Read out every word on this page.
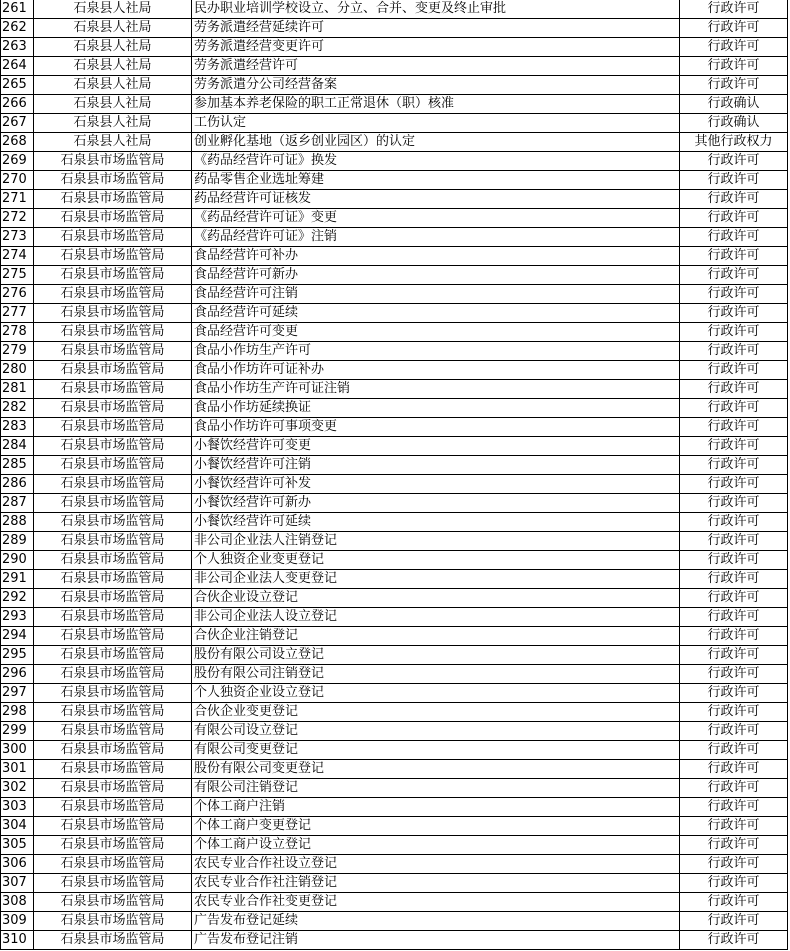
261	石泉县人社局	民办职业培训学校设立、分立、合并、变更及终止审批	行政许可
262	石泉县人社局	劳务派遣经营延续许可	行政许可
263	石泉县人社局	劳务派遣经营变更许可	行政许可
264	石泉县人社局	劳务派遣经营许可	行政许可
265	石泉县人社局	劳务派遣分公司经营备案	行政许可
266	石泉县人社局	参加基本养老保险的职工正常退休（职）核准	行政确认
267	石泉县人社局	工伤认定	行政确认
268	石泉县人社局	创业孵化基地（返乡创业园区）的认定	其他行政权力
269	石泉县市场监管局	《药品经营许可证》换发	行政许可
270	石泉县市场监管局	药品零售企业选址筹建	行政许可
271	石泉县市场监管局	药品经营许可证核发	行政许可
272	石泉县市场监管局	《药品经营许可证》变更	行政许可
273	石泉县市场监管局	《药品经营许可证》注销	行政许可
274	石泉县市场监管局	食品经营许可补办	行政许可
275	石泉县市场监管局	食品经营许可新办	行政许可
276	石泉县市场监管局	食品经营许可注销	行政许可
277	石泉县市场监管局	食品经营许可延续	行政许可
278	石泉县市场监管局	食品经营许可变更	行政许可
279	石泉县市场监管局	食品小作坊生产许可	行政许可
280	石泉县市场监管局	食品小作坊许可证补办	行政许可
281	石泉县市场监管局	食品小作坊生产许可证注销	行政许可
282	石泉县市场监管局	食品小作坊延续换证	行政许可
283	石泉县市场监管局	食品小作坊许可事项变更	行政许可
284	石泉县市场监管局	小餐饮经营许可变更	行政许可
285	石泉县市场监管局	小餐饮经营许可注销	行政许可
286	石泉县市场监管局	小餐饮经营许可补发	行政许可
287	石泉县市场监管局	小餐饮经营许可新办	行政许可
288	石泉县市场监管局	小餐饮经营许可延续	行政许可
289	石泉县市场监管局	非公司企业法人注销登记	行政许可
290	石泉县市场监管局	个人独资企业变更登记	行政许可
291	石泉县市场监管局	非公司企业法人变更登记	行政许可
292	石泉县市场监管局	合伙企业设立登记	行政许可
293	石泉县市场监管局	非公司企业法人设立登记	行政许可
294	石泉县市场监管局	合伙企业注销登记	行政许可
295	石泉县市场监管局	股份有限公司设立登记	行政许可
296	石泉县市场监管局	股份有限公司注销登记	行政许可
297	石泉县市场监管局	个人独资企业设立登记	行政许可
298	石泉县市场监管局	合伙企业变更登记	行政许可
299	石泉县市场监管局	有限公司设立登记	行政许可
300	石泉县市场监管局	有限公司变更登记	行政许可
301	石泉县市场监管局	股份有限公司变更登记	行政许可
302	石泉县市场监管局	有限公司注销登记	行政许可
303	石泉县市场监管局	个体工商户注销	行政许可
304	石泉县市场监管局	个体工商户变更登记	行政许可
305	石泉县市场监管局	个体工商户设立登记	行政许可
306	石泉县市场监管局	农民专业合作社设立登记	行政许可
307	石泉县市场监管局	农民专业合作社注销登记	行政许可
308	石泉县市场监管局	农民专业合作社变更登记	行政许可
309	石泉县市场监管局	广告发布登记延续	行政许可
310	石泉县市场监管局	广告发布登记注销	行政许可
